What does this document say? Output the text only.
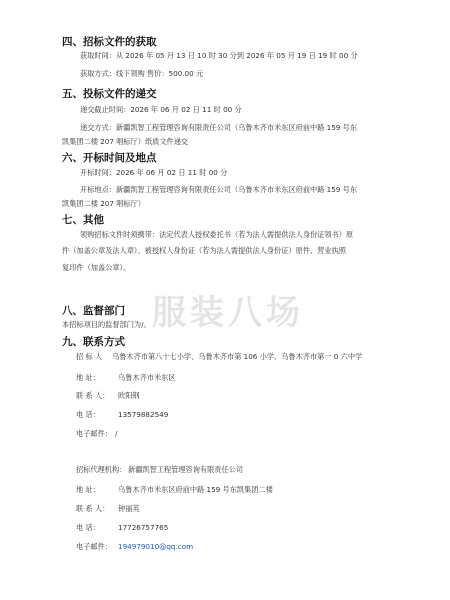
四、招标文件的获取
获取时间：从 2026 年 05 月 13 日 10 时 30 分到 2026 年 05 月 19 日 19 时 00 分
获取方式：线下领购 售价：500.00 元
五、投标文件的递交
递交截止时间：2026 年 06 月 02 日 11 时 00 分
递交方式：新疆凯智工程管理咨询有限责任公司（乌鲁木齐市米东区府前中路 159 号东
凯集团二楼 207 唱标厅）纸质文件递交
六、开标时间及地点
开标时间：2026 年 06 月 02 日 11 时 00 分
开标地点：新疆凯智工程管理咨询有限责任公司（乌鲁木齐市米东区府前中路 159 号东
凯集团二楼 207 唱标厅）
七、其他
领购招标文件时须携带：法定代表人授权委托书（若为法人需提供法人身份证领书）原
件（加盖公章及法人章）、被授权人身份证（若为法人需提供法人身份证）原件、营业执照
复印件（加盖公章）。
服装八场
八、监督部门
本招标项目的监督部门为/。
九、联系方式
招 标 人 乌鲁木齐市第八十七小学、乌鲁木齐市第 106 小学、乌鲁木齐市第一 0 六中学
地 址：	乌鲁木齐市米东区
联 系 人： 欧阳钢
电 话：	13579882549
电子邮件： /
招标代理机构： 新疆凯智工程管理咨询有限责任公司
地 址：	乌鲁木齐市米东区府前中路 159 号东凯集团二楼
联 系 人： 钟丽英
电 话：	17726757765
电子邮件： 194979010@qq.com
